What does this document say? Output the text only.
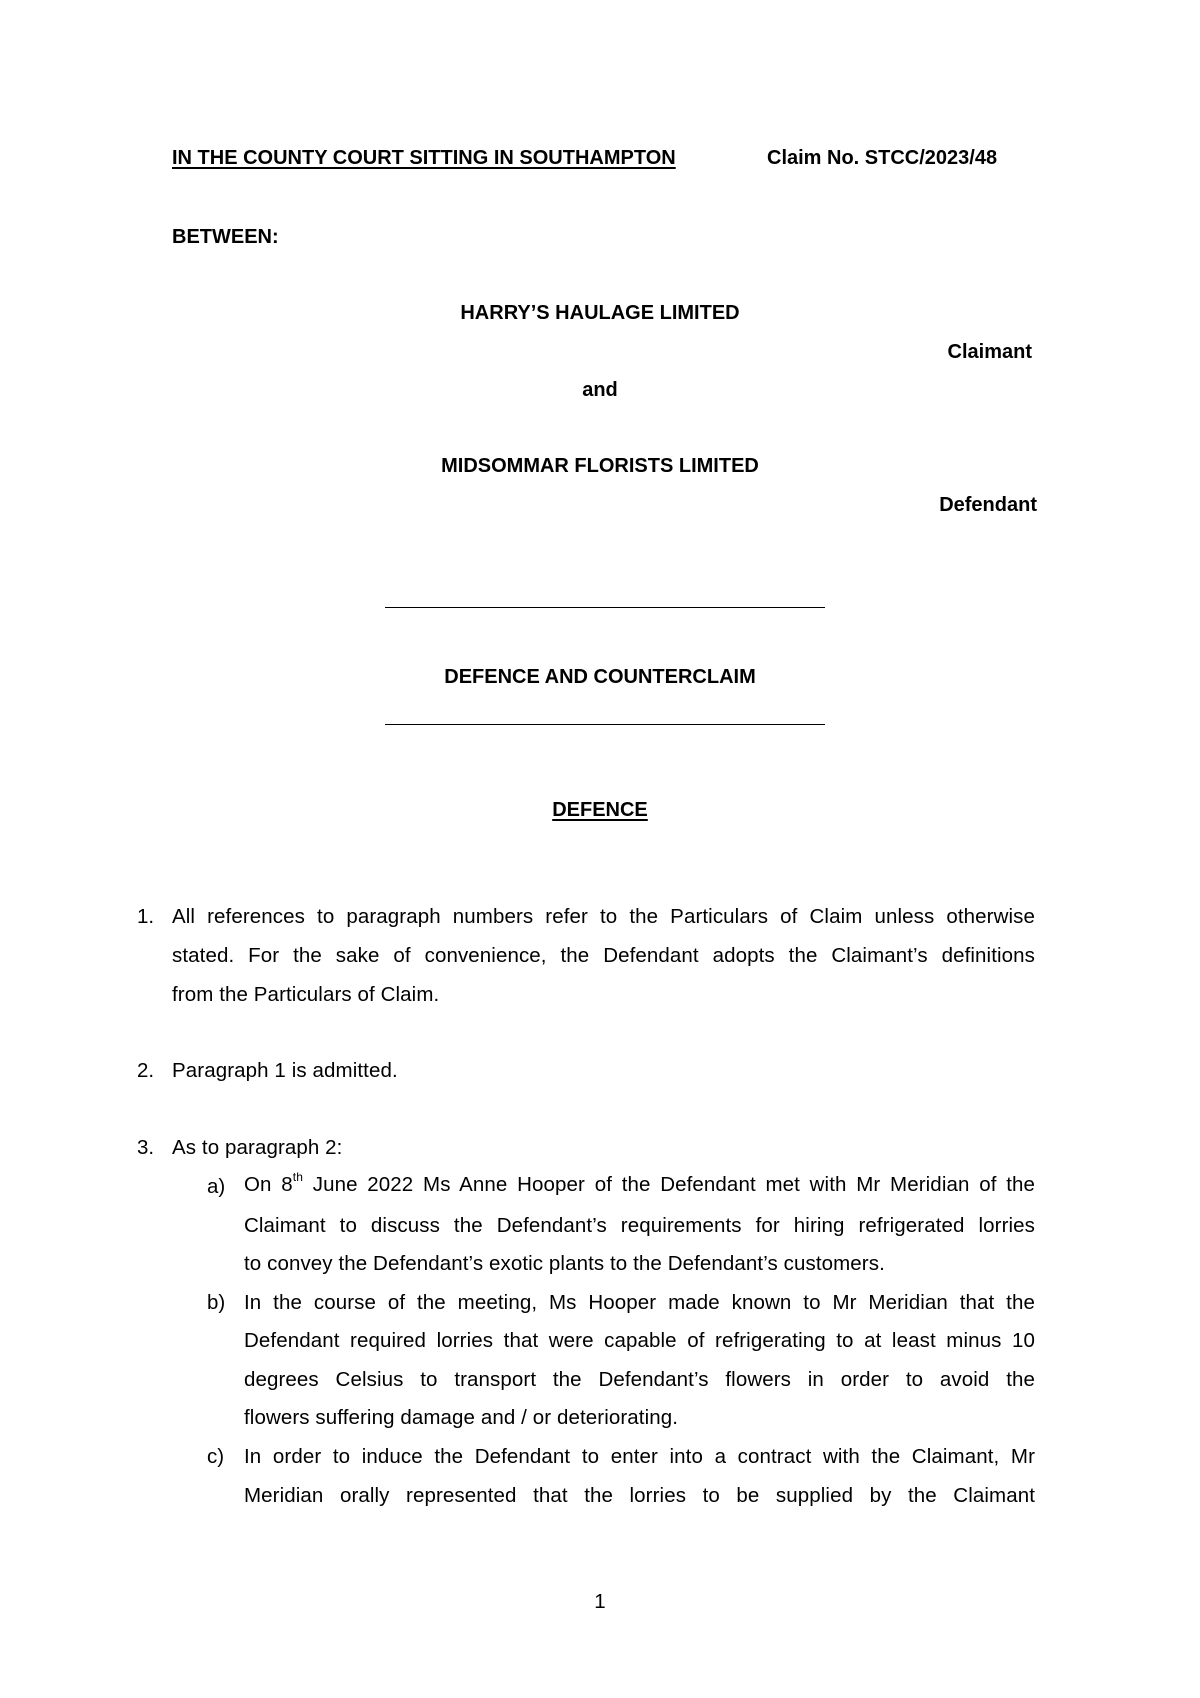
IN THE COUNTY COURT SITTING IN SOUTHAMPTON	Claim No. STCC/2023/48
BETWEEN:
HARRY’S HAULAGE LIMITED
Claimant
and
MIDSOMMAR FLORISTS LIMITED
Defendant
DEFENCE AND COUNTERCLAIM
DEFENCE
1. All references to paragraph numbers refer to the Particulars of Claim unless otherwise
stated. For the sake of convenience, the Defendant adopts the Claimant’s definitions
from the Particulars of Claim.
2. Paragraph 1 is admitted.
3. As to paragraph 2:
a) On 8th June 2022 Ms Anne Hooper of the Defendant met with Mr Meridian of the
Claimant to discuss the Defendant’s requirements for hiring refrigerated lorries
to convey the Defendant’s exotic plants to the Defendant’s customers.
b) In the course of the meeting, Ms Hooper made known to Mr Meridian that the
Defendant required lorries that were capable of refrigerating to at least minus 10
degrees Celsius to transport the Defendant’s flowers in order to avoid the
flowers suffering damage and / or deteriorating.
c) In order to induce the Defendant to enter into a contract with the Claimant, Mr
Meridian orally represented that the lorries to be supplied by the Claimant
1
